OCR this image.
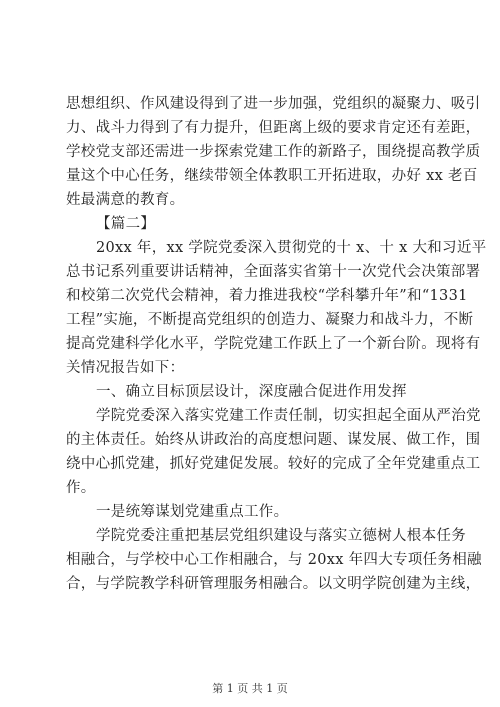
思想组织、作风建设得到了进一步加强，党组织的凝聚力、吸引
力、战斗力得到了有力提升，但距离上级的要求肯定还有差距，
学校党支部还需进一步探索党建工作的新路子，围绕提高教学质
量这个中心任务，继续带领全体教职工开拓进取，办好 xx 老百
姓最满意的教育。
【篇二】
20xx 年，xx 学院党委深入贯彻党的十 x、十 x 大和习近平
总书记系列重要讲话精神，全面落实省第十一次党代会决策部署
和校第二次党代会精神，着力推进我校“学科攀升年”和“1331
工程”实施，不断提高党组织的创造力、凝聚力和战斗力，不断
提高党建科学化水平，学院党建工作跃上了一个新台阶。现将有
关情况报告如下：
一、确立目标顶层设计，深度融合促进作用发挥
学院党委深入落实党建工作责任制，切实担起全面从严治党
的主体责任。始终从讲政治的高度想问题、谋发展、做工作，围
绕中心抓党建，抓好党建促发展。较好的完成了全年党建重点工
作。
一是统筹谋划党建重点工作。
学院党委注重把基层党组织建设与落实立德树人根本任务
相融合，与学校中心工作相融合，与 20xx 年四大专项任务相融
合，与学院教学科研管理服务相融合。以文明学院创建为主线，
第 1 页 共 1 页
